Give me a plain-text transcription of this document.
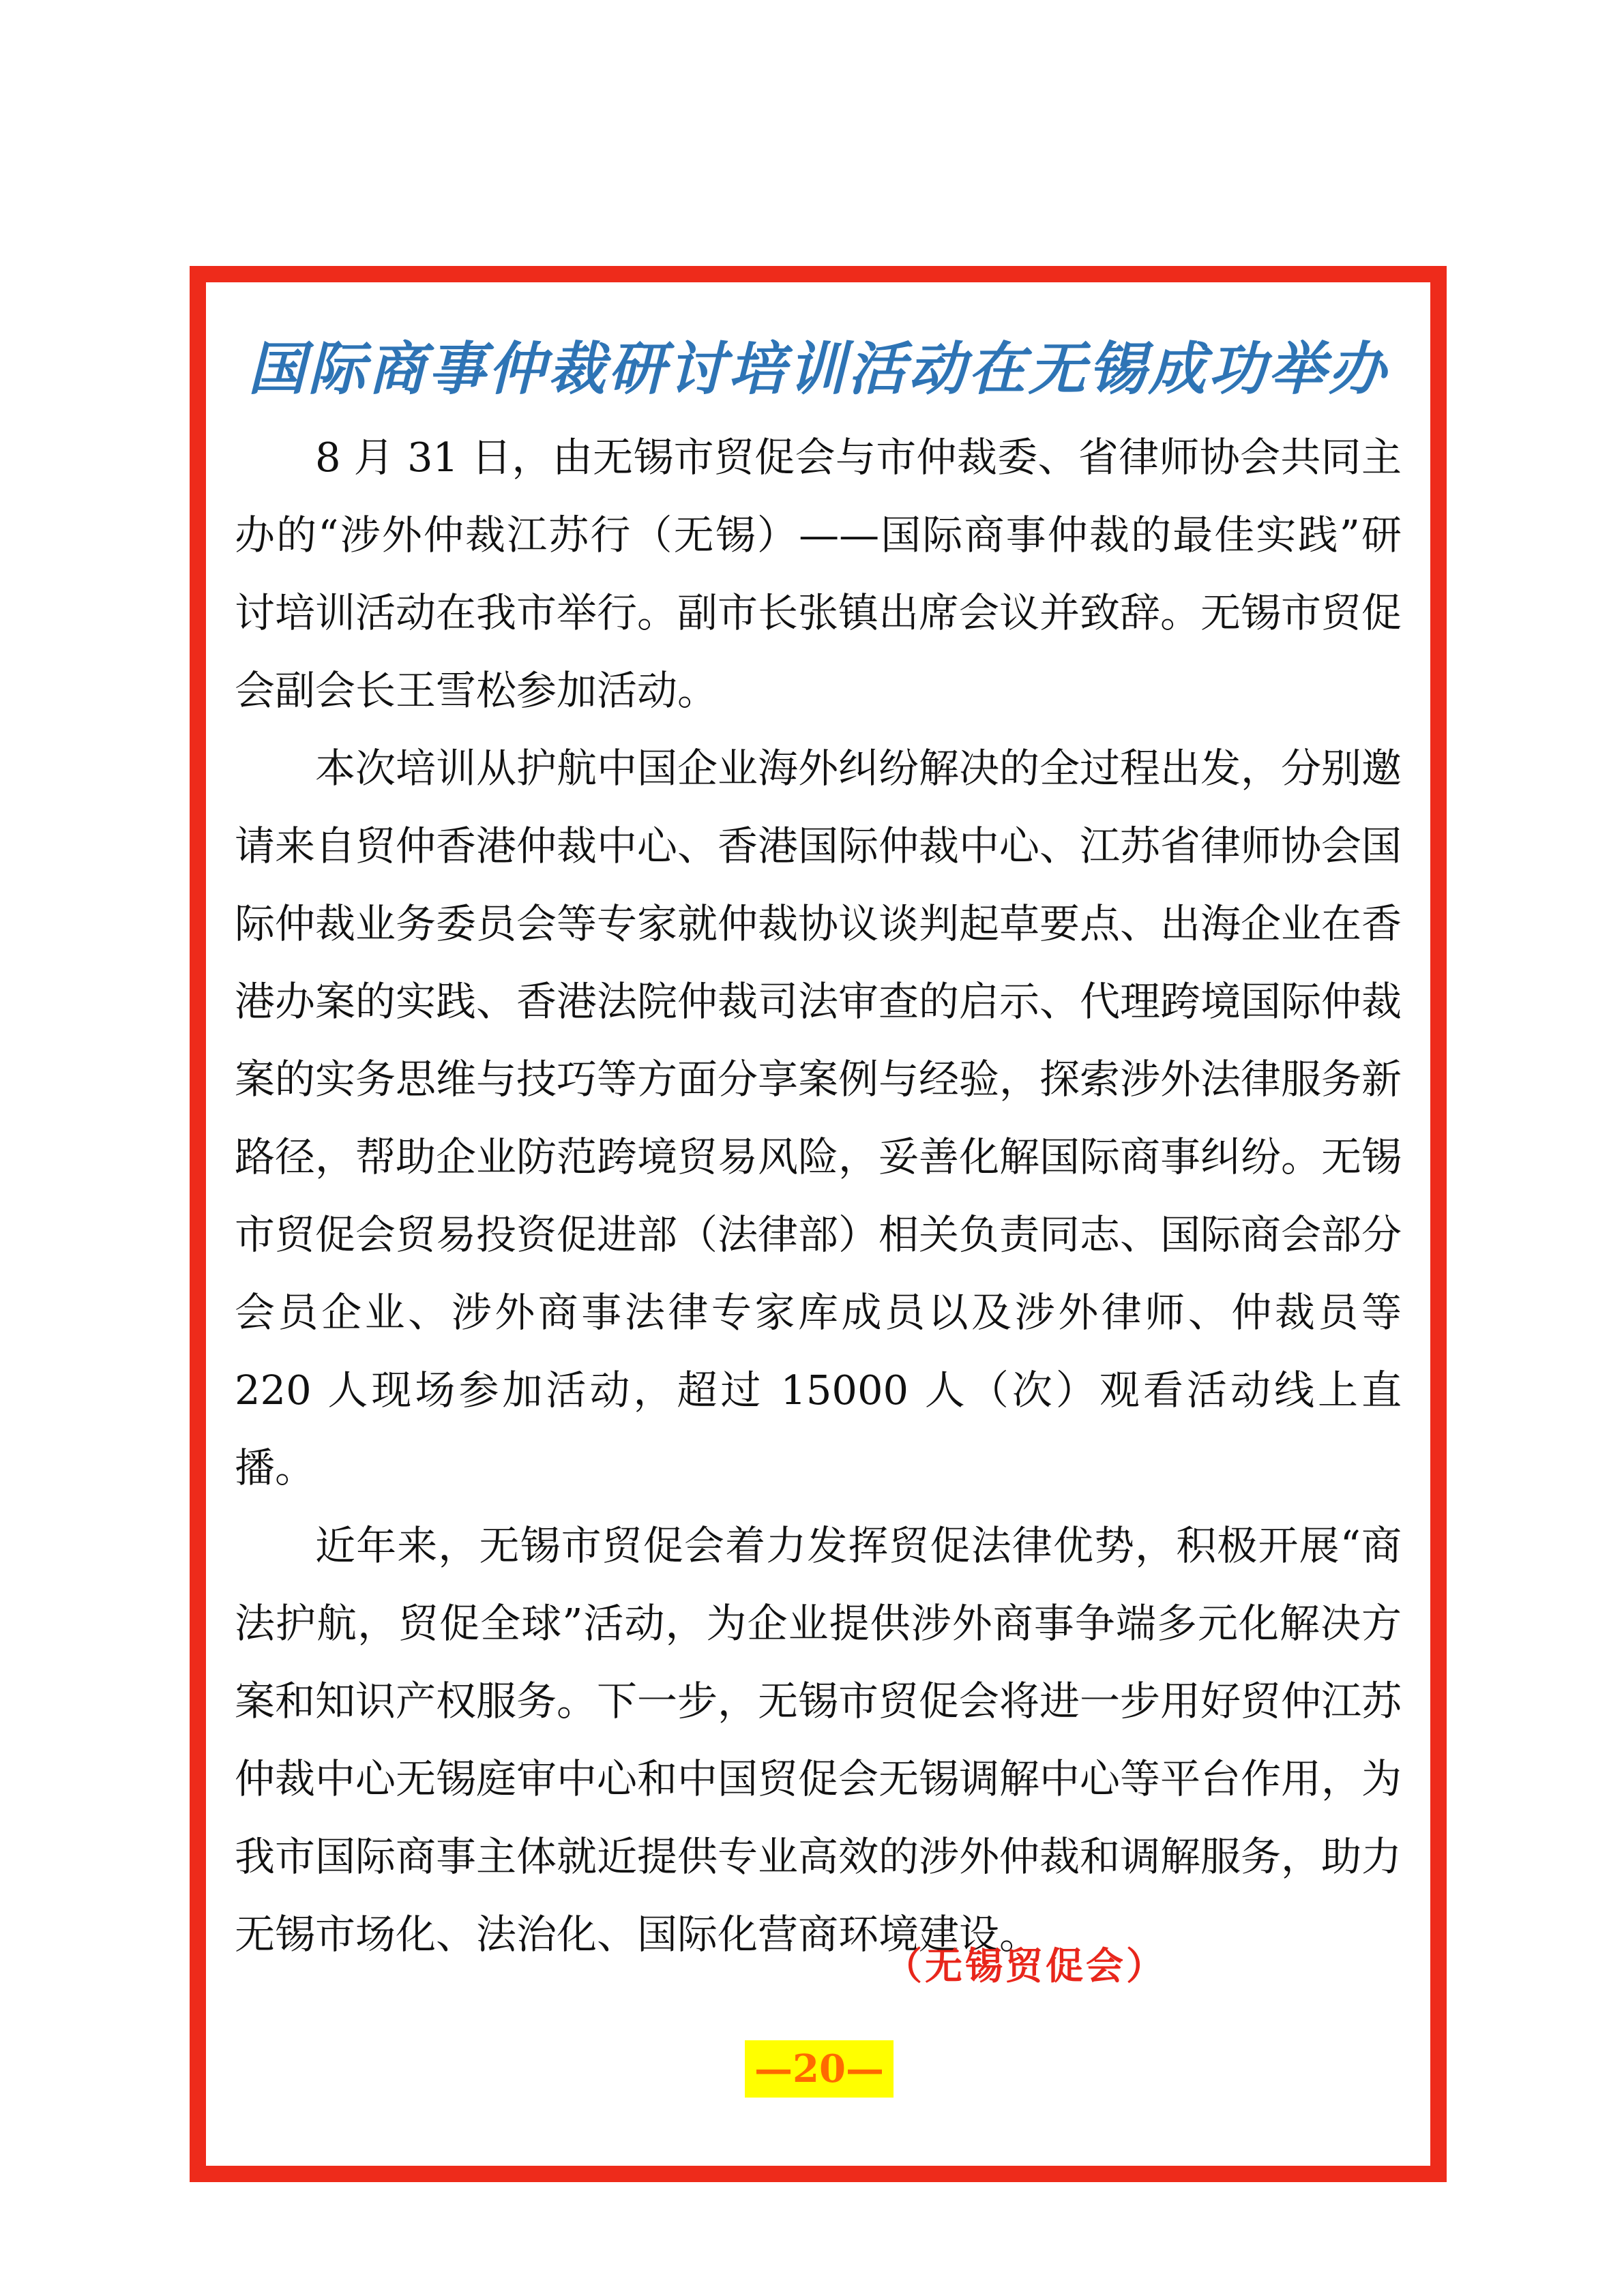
国际商事仲裁研讨培训活动在无锡成功举办

8 月 31 日，由无锡市贸促会与市仲裁委、省律师协会共同主办的“涉外仲裁江苏行（无锡）——国际商事仲裁的最佳实践”研讨培训活动在我市举行。副市长张镇出席会议并致辞。无锡市贸促会副会长王雪松参加活动。

本次培训从护航中国企业海外纠纷解决的全过程出发，分别邀请来自贸仲香港仲裁中心、香港国际仲裁中心、江苏省律师协会国际仲裁业务委员会等专家就仲裁协议谈判起草要点、出海企业在香港办案的实践、香港法院仲裁司法审查的启示、代理跨境国际仲裁案的实务思维与技巧等方面分享案例与经验，探索涉外法律服务新路径，帮助企业防范跨境贸易风险，妥善化解国际商事纠纷。无锡市贸促会贸易投资促进部（法律部）相关负责同志、国际商会部分会员企业、涉外商事法律专家库成员以及涉外律师、仲裁员等 220 人现场参加活动，超过 15000 人（次）观看活动线上直播。

近年来，无锡市贸促会着力发挥贸促法律优势，积极开展“商法护航，贸促全球”活动，为企业提供涉外商事争端多元化解决方案和知识产权服务。下一步，无锡市贸促会将进一步用好贸仲江苏仲裁中心无锡庭审中心和中国贸促会无锡调解中心等平台作用，为我市国际商事主体就近提供专业高效的涉外仲裁和调解服务，助力无锡市场化、法治化、国际化营商环境建设。

（无锡贸促会）
—20—
